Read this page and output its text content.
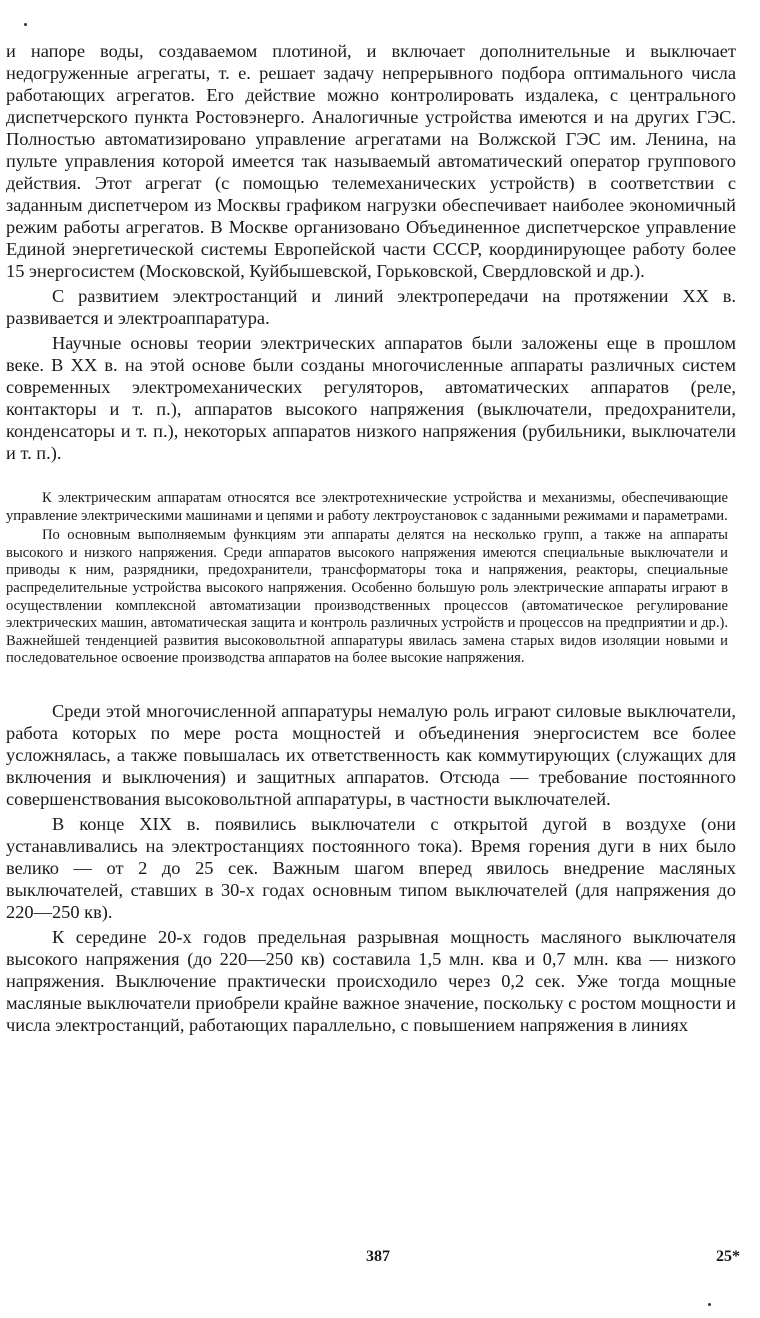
и напоре воды, создаваемом плотиной, и включает дополнительные и выключает недогруженные агрегаты, т. е. решает задачу непрерывного подбора оптимального числа работающих агрегатов. Его действие можно контролировать издалека, с центрального диспетчерского пункта Ростовэнерго. Аналогичные устройства имеются и на других ГЭС. Полностью автоматизировано управление агрегатами на Волжской ГЭС им. Ленина, на пульте управления которой имеется так называемый автоматический оператор группового действия. Этот агрегат (с помощью телемеханических устройств) в соответствии с заданным диспетчером из Москвы графиком нагрузки обеспечивает наиболее экономичный режим работы агрегатов. В Москве организовано Объединенное диспетчерское управление Единой энергетической системы Европейской части СССР, координирующее работу более 15 энергосистем (Московской, Куйбышевской, Горьковской, Свердловской и др.).

С развитием электростанций и линий электропередачи на протяжении XX в. развивается и электроаппаратура.

Научные основы теории электрических аппаратов были заложены еще в прошлом веке. В XX в. на этой основе были созданы многочисленные аппараты различных систем современных электромеханических регуляторов, автоматических аппаратов (реле, контакторы и т. п.), аппаратов высокого напряжения (выключатели, предохранители, конденсаторы и т. п.), некоторых аппаратов низкого напряжения (рубильники, выключатели и т. п.).

К электрическим аппаратам относятся все электротехнические устройства и механизмы, обеспечивающие управление электрическими машинами и цепями и работу лектроустановок с заданными режимами и параметрами.

По основным выполняемым функциям эти аппараты делятся на несколько групп, а также на аппараты высокого и низкого напряжения. Среди аппаратов высокого напряжения имеются специальные выключатели и приводы к ним, разрядники, предохранители, трансформаторы тока и напряжения, реакторы, специальные распределительные устройства высокого напряжения. Особенно большую роль электрические аппараты играют в осуществлении комплексной автоматизации производственных процессов (автоматическое регулирование электрических машин, автоматическая защита и контроль различных устройств и процессов на предприятии и др.). Важнейшей тенденцией развития высоковольтной аппаратуры явилась замена старых видов изоляции новыми и последовательное освоение производства аппаратов на более высокие напряжения.

Среди этой многочисленной аппаратуры немалую роль играют силовые выключатели, работа которых по мере роста мощностей и объединения энергосистем все более усложнялась, а также повышалась их ответственность как коммутирующих (служащих для включения и выключения) и защитных аппаратов. Отсюда — требование постоянного совершенствования высоковольтной аппаратуры, в частности выключателей.

В конце XIX в. появились выключатели с открытой дугой в воздухе (они устанавливались на электростанциях постоянного тока). Время горения дуги в них было велико — от 2 до 25 сек. Важным шагом вперед явилось внедрение масляных выключателей, ставших в 30-х годах основным типом выключателей (для напряжения до 220—250 кв).

К середине 20-х годов предельная разрывная мощность масляного выключателя высокого напряжения (до 220—250 кв) составила 1,5 млн. ква и 0,7 млн. ква — низкого напряжения. Выключение практически происходило через 0,2 сек. Уже тогда мощные масляные выключатели приобрели крайне важное значение, поскольку с ростом мощности и числа электростанций, работающих параллельно, с повышением напряжения в линиях

387	25*
